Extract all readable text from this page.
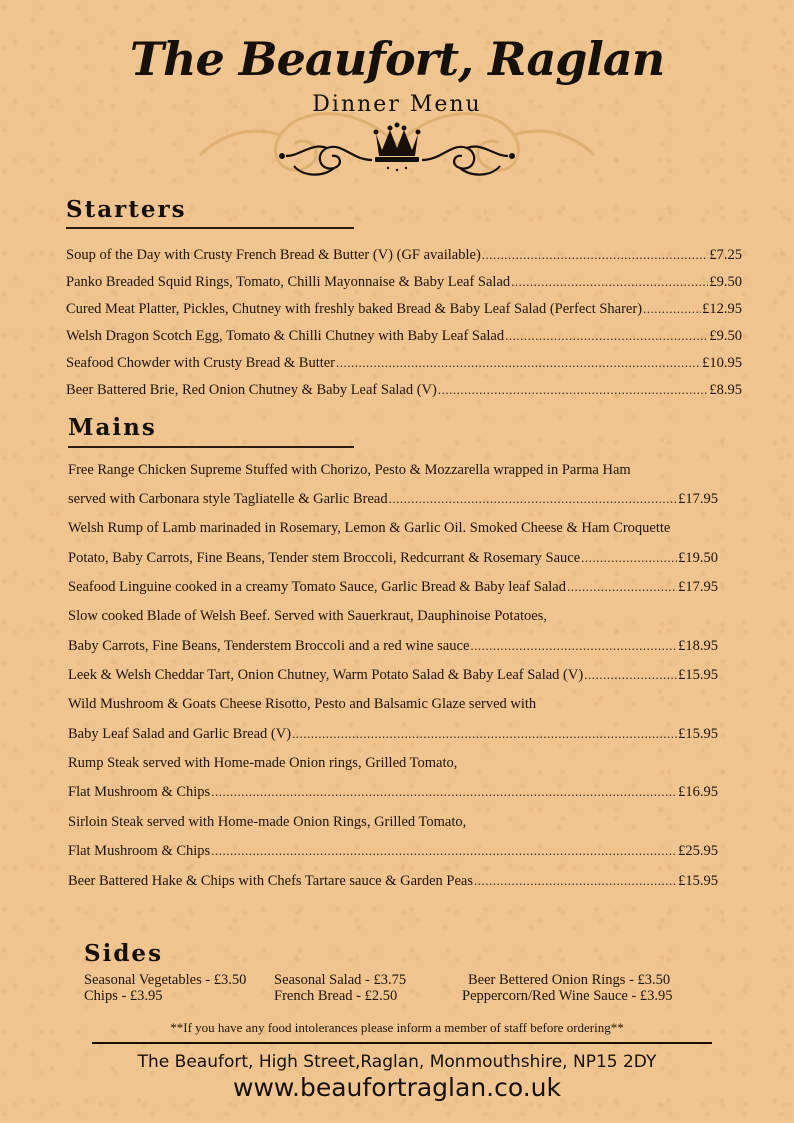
The Beaufort, Raglan
Dinner Menu
Starters
Soup of the Day with Crusty French Bread & Butter (V) (GF available) .....	£7.25
Panko Breaded Squid Rings, Tomato, Chilli Mayonnaise & Baby Leaf Salad .....	£9.50
Cured Meat Platter, Pickles, Chutney with freshly baked Bread & Baby Leaf Salad (Perfect Sharer) .....	£12.95
Welsh Dragon Scotch Egg, Tomato & Chilli Chutney with Baby Leaf Salad .....	£9.50
Seafood Chowder with Crusty Bread & Butter .....	£10.95
Beer Battered Brie, Red Onion Chutney & Baby Leaf Salad (V) .....	£8.95
Mains
Free Range Chicken Supreme Stuffed with Chorizo, Pesto & Mozzarella wrapped in Parma Ham
served with Carbonara style Tagliatelle & Garlic Bread .....	£17.95
Welsh Rump of Lamb marinaded in Rosemary, Lemon & Garlic Oil. Smoked Cheese & Ham Croquette
Potato, Baby Carrots, Fine Beans, Tender stem Broccoli, Redcurrant & Rosemary Sauce .....	£19.50
Seafood Linguine cooked in a creamy Tomato Sauce, Garlic Bread & Baby leaf Salad .....	£17.95
Slow cooked Blade of Welsh Beef. Served with Sauerkraut, Dauphinoise Potatoes,
Baby Carrots, Fine Beans, Tenderstem Broccoli and a red wine sauce .....	£18.95
Leek & Welsh Cheddar Tart, Onion Chutney, Warm Potato Salad & Baby Leaf Salad (V) .....	£15.95
Wild Mushroom & Goats Cheese Risotto, Pesto and Balsamic Glaze served with
Baby Leaf Salad and Garlic Bread (V) .....	£15.95
Rump Steak served with Home-made Onion rings, Grilled Tomato,
Flat Mushroom & Chips .....	£16.95
Sirloin Steak served with Home-made Onion Rings, Grilled Tomato,
Flat Mushroom & Chips .....	£25.95
Beer Battered Hake & Chips with Chefs Tartare sauce & Garden Peas .....	£15.95
Sides
Seasonal Vegetables - £3.50 Seasonal Salad - £3.75	Beer Bettered Onion Rings - £3.50
Chips - £3.95	French Bread - £2.50	Peppercorn/Red Wine Sauce - £3.95
**If you have any food intolerances please inform a member of staff before ordering**
The Beaufort, High Street,Raglan, Monmouthshire, NP15 2DY
www.beaufortraglan.co.uk
